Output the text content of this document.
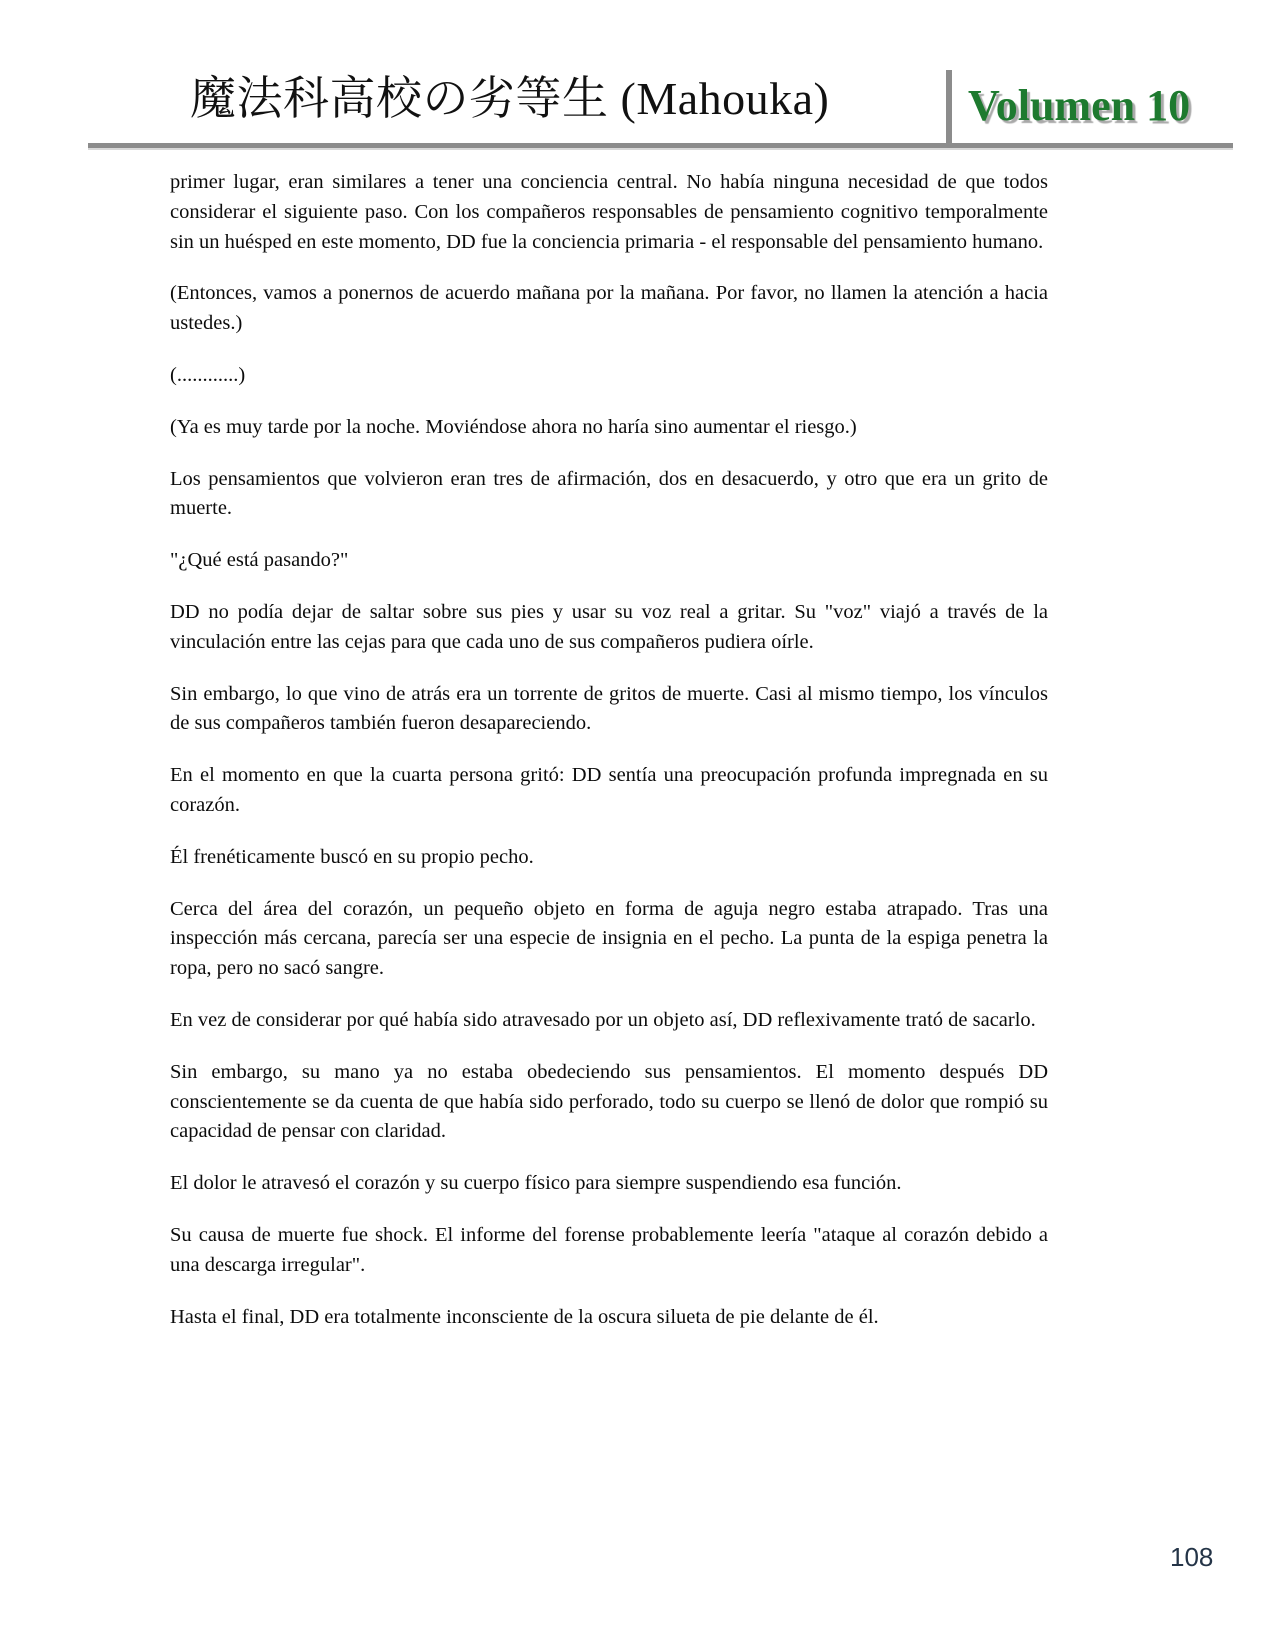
魔法科高校の劣等生 (Mahouka)	Volumen 10

primer lugar, eran similares a tener una conciencia central. No había ninguna necesidad de que todos considerar el siguiente paso. Con los compañeros responsables de pensamiento cognitivo temporalmente sin un huésped en este momento, DD fue la conciencia primaria - el responsable del pensamiento humano.

(Entonces, vamos a ponernos de acuerdo mañana por la mañana. Por favor, no llamen la atención a hacia ustedes.)

(............)

(Ya es muy tarde por la noche. Moviéndose ahora no haría sino aumentar el riesgo.)

Los pensamientos que volvieron eran tres de afirmación, dos en desacuerdo, y otro que era un grito de muerte.

"¿Qué está pasando?"

DD no podía dejar de saltar sobre sus pies y usar su voz real a gritar. Su "voz" viajó a través de la vinculación entre las cejas para que cada uno de sus compañeros pudiera oírle.

Sin embargo, lo que vino de atrás era un torrente de gritos de muerte. Casi al mismo tiempo, los vínculos de sus compañeros también fueron desapareciendo.

En el momento en que la cuarta persona gritó: DD sentía una preocupación profunda impregnada en su corazón.

Él frenéticamente buscó en su propio pecho.

Cerca del área del corazón, un pequeño objeto en forma de aguja negro estaba atrapado. Tras una inspección más cercana, parecía ser una especie de insignia en el pecho. La punta de la espiga penetra la ropa, pero no sacó sangre.

En vez de considerar por qué había sido atravesado por un objeto así, DD reflexivamente trató de sacarlo.

Sin embargo, su mano ya no estaba obedeciendo sus pensamientos. El momento después DD conscientemente se da cuenta de que había sido perforado, todo su cuerpo se llenó de dolor que rompió su capacidad de pensar con claridad.

El dolor le atravesó el corazón y su cuerpo físico para siempre suspendiendo esa función.

Su causa de muerte fue shock. El informe del forense probablemente leería "ataque al corazón debido a una descarga irregular".

Hasta el final, DD era totalmente inconsciente de la oscura silueta de pie delante de él.

108
